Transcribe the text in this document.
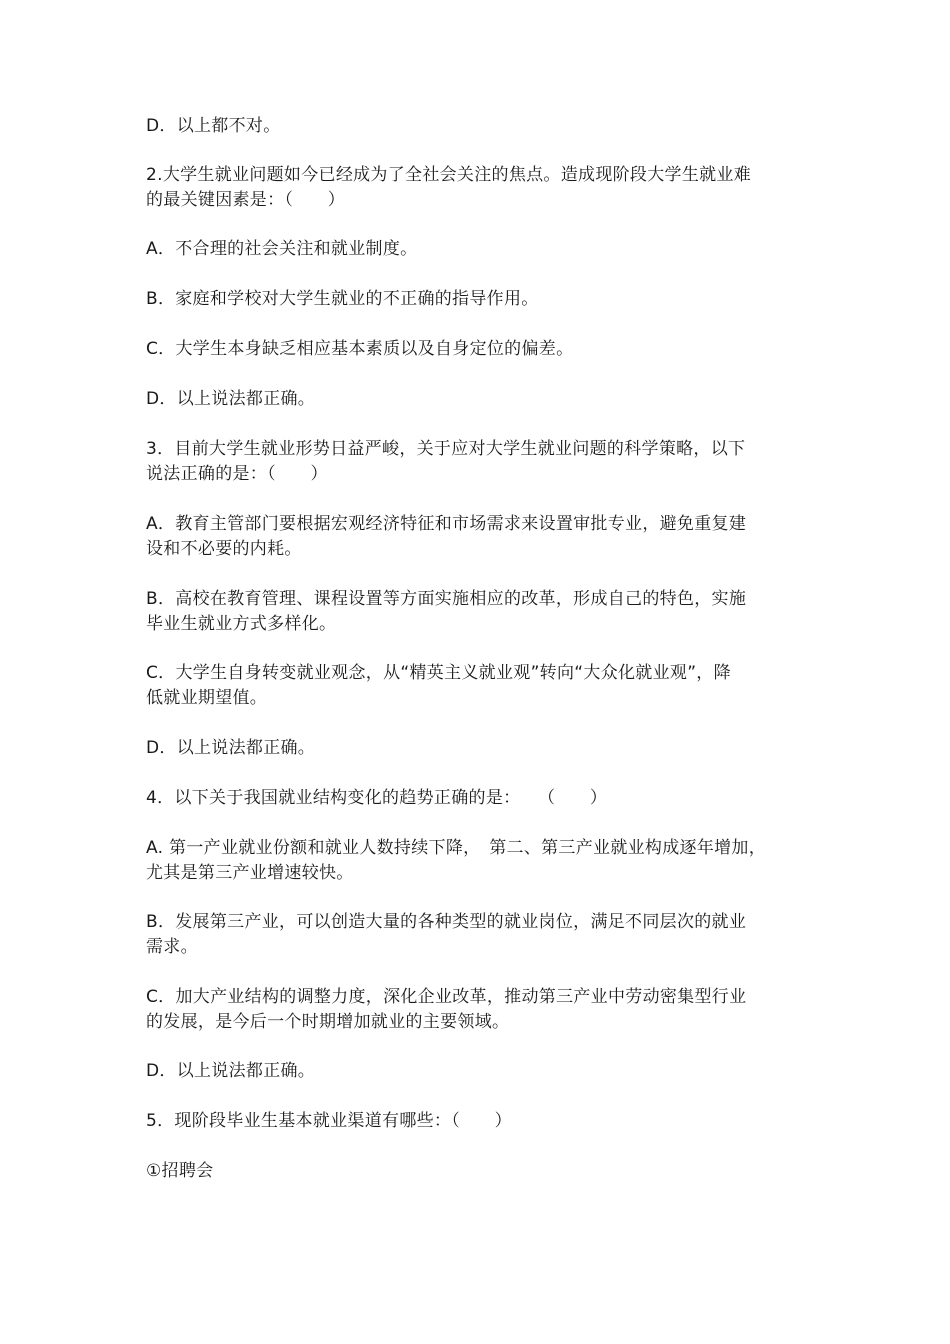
D．以上都不对。
2.大学生就业问题如今已经成为了全社会关注的焦点。造成现阶段大学生就业难
的最关键因素是：（　　）
A．不合理的社会关注和就业制度。
B．家庭和学校对大学生就业的不正确的指导作用。
C．大学生本身缺乏相应基本素质以及自身定位的偏差。
D．以上说法都正确。
3．目前大学生就业形势日益严峻，关于应对大学生就业问题的科学策略，以下
说法正确的是：（　　）
A．教育主管部门要根据宏观经济特征和市场需求来设置审批专业，避免重复建
设和不必要的内耗。
B．高校在教育管理、课程设置等方面实施相应的改革，形成自己的特色，实施
毕业生就业方式多样化。
C．大学生自身转变就业观念，从“精英主义就业观”转向“大众化就业观”，降
低就业期望值。
D．以上说法都正确。
4．以下关于我国就业结构变化的趋势正确的是：　　（　　）
A. 第一产业就业份额和就业人数持续下降，　第二、第三产业就业构成逐年增加，
尤其是第三产业增速较快。
B．发展第三产业，可以创造大量的各种类型的就业岗位，满足不同层次的就业
需求。
C．加大产业结构的调整力度，深化企业改革，推动第三产业中劳动密集型行业
的发展，是今后一个时期增加就业的主要领域。
D．以上说法都正确。
5．现阶段毕业生基本就业渠道有哪些：（　　）
①招聘会
